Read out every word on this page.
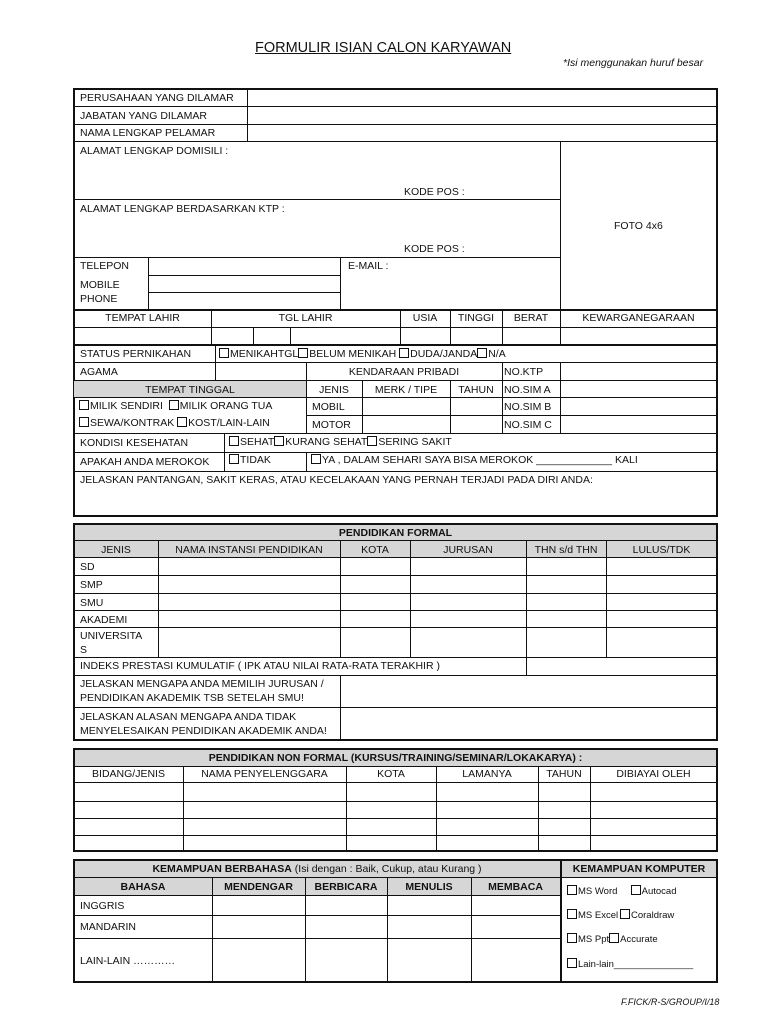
FORMULIR ISIAN CALON KARYAWAN
*Isi menggunakan huruf besar
PERUSAHAAN YANG DILAMAR
JABATAN YANG DILAMAR
NAMA LENGKAP PELAMAR
ALAMAT LENGKAP DOMISILI :
KODE POS :
ALAMAT LENGKAP BERDASARKAN KTP :
KODE POS :
FOTO 4x6
TELEPON	E-MAIL :
MOBILE
PHONE
TEMPAT LAHIR	TGL LAHIR	USIA	TINGGI	BERAT	KEWARGANEGARAAN
STATUS PERNIKAHAN	MENIKAHTGL BELUM MENIKAH DUDA/JANDA N/A
AGAMA	KENDARAAN PRIBADI	NO.KTP
TEMPAT TINGGAL	JENIS	MERK / TIPE	TAHUN NO.SIM A
MOBIL	NO.SIM B
MOTOR	NO.SIM C
MILIK SENDIRI MILIK ORANG TUA
SEWA/KONTRAK KOST/LAIN-LAIN
KONDISI KESEHATAN	SEHAT KURANG SEHAT SERING SAKIT
APAKAH ANDA MEROKOK	TIDAK	YA , DALAM SEHARI SAYA BISA MEROKOK _____________ KALI
JELASKAN PANTANGAN, SAKIT KERAS, ATAU KECELAKAAN YANG PERNAH TERJADI PADA DIRI ANDA:
PENDIDIKAN FORMAL
JENIS	NAMA INSTANSI PENDIDIKAN	KOTA	JURUSAN	THN s/d THN	LULUS/TDK
SD
SMP
SMU
AKADEMI
UNIVERSITA
S
INDEKS PRESTASI KUMULATIF ( IPK ATAU NILAI RATA-RATA TERAKHIR )
JELASKAN MENGAPA ANDA MEMILIH JURUSAN /
PENDIDIKAN AKADEMIK TSB SETELAH SMU!
JELASKAN ALASAN MENGAPA ANDA TIDAK
MENYELESAIKAN PENDIDIKAN AKADEMIK ANDA!
PENDIDIKAN NON FORMAL (KURSUS/TRAINING/SEMINAR/LOKAKARYA) :
BIDANG/JENIS	NAMA PENYELENGGARA	KOTA	LAMANYA	TAHUN	DIBIAYAI OLEH
KEMAMPUAN BERBAHASA (Isi dengan : Baik, Cukup, atau Kurang )	KEMAMPUAN KOMPUTER
BAHASA	MENDENGAR	BERBICARA	MENULIS	MEMBACA
INGGRIS
MANDARIN
LAIN-LAIN …………
MS Word	Autocad
MS Excel Coraldraw
MS Ppt Accurate
Lain-lain_______________
F.FICK/R-S/GROUP/I/18
